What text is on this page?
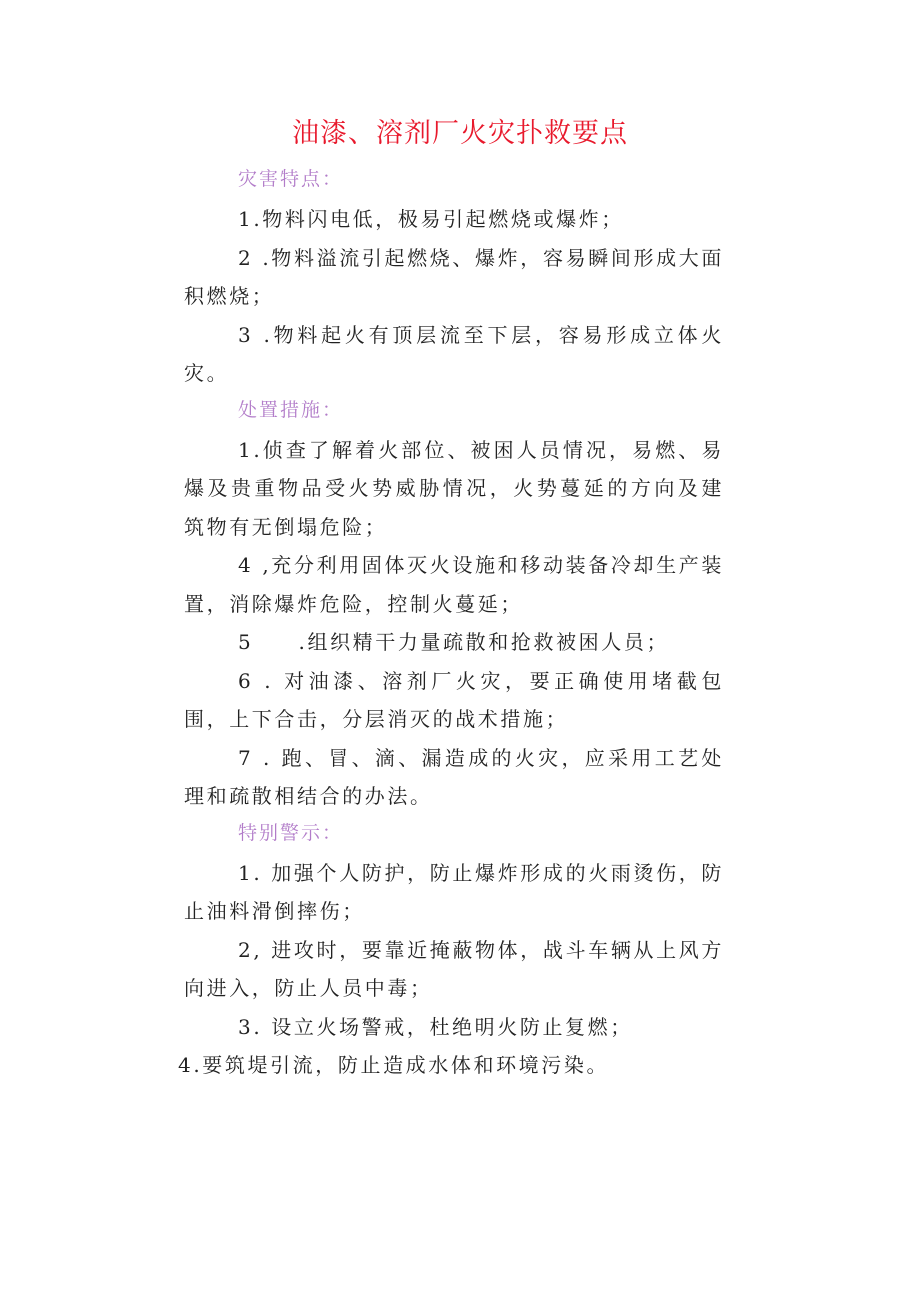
油漆、溶剂厂火灾扑救要点
灾害特点：

1.物料闪电低，极易引起燃烧或爆炸；

2 .物料溢流引起燃烧、爆炸，容易瞬间形成大面积燃烧；

3 .物料起火有顶层流至下层，容易形成立体火灾。

处置措施：

1.侦查了解着火部位、被困人员情况，易燃、易爆及贵重物品受火势威胁情况，火势蔓延的方向及建筑物有无倒塌危险；

4 ,充分利用固体灭火设施和移动装备冷却生产装置，消除爆炸危险，控制火蔓延；

5　　.组织精干力量疏散和抢救被困人员；

6 . 对油漆、溶剂厂火灾，要正确使用堵截包围，上下合击，分层消灭的战术措施；

7 . 跑、冒、滴、漏造成的火灾，应采用工艺处理和疏散相结合的办法。

特别警示：

1. 加强个人防护，防止爆炸形成的火雨烫伤，防止油料滑倒摔伤；

2, 进攻时，要靠近掩蔽物体，战斗车辆从上风方向进入，防止人员中毒；

3. 设立火场警戒，杜绝明火防止复燃；

4.要筑堤引流，防止造成水体和环境污染。
